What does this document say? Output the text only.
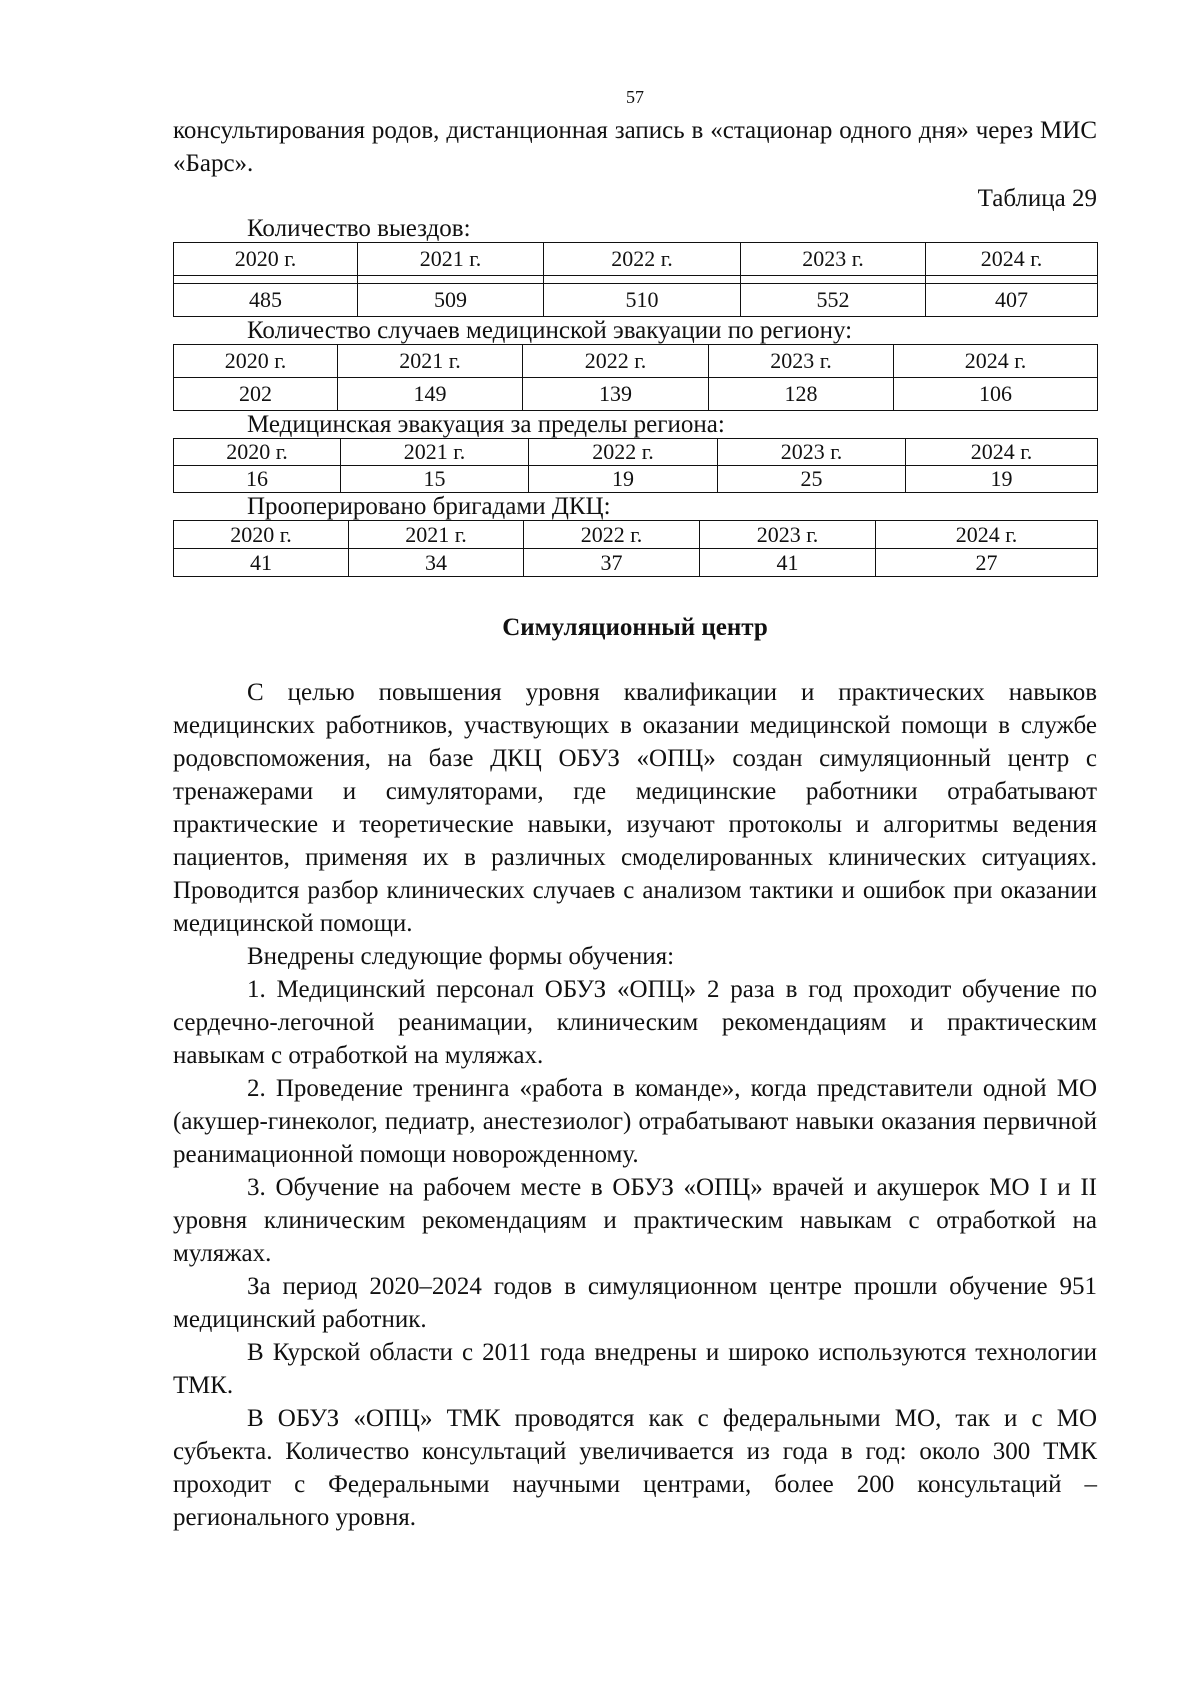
57

консультирования родов, дистанционная запись в «стационар одного дня» через МИС «Барс».

Таблица 29

Количество выездов:

2020 г.	2021 г.	2022 г.	2023 г.	2024 г.

485	509	510	552	407

Количество случаев медицинской эвакуации по региону:

2020 г.	2021 г.	2022 г.	2023 г.	2024 г.
202	149	139	128	106

Медицинская эвакуация за пределы региона:

2020 г.	2021 г.	2022 г.	2023 г.	2024 г.
16	15	19	25	19

Прооперировано бригадами ДКЦ:

2020 г.	2021 г.	2022 г.	2023 г.	2024 г.
41	34	37	41	27

Симуляционный центр

С целью повышения уровня квалификации и практических навыков медицинских работников, участвующих в оказании медицинской помощи в службе родовспоможения, на базе ДКЦ ОБУЗ «ОПЦ» создан симуляционный центр с тренажерами и симуляторами, где медицинские работники отрабатывают практические и теоретические навыки, изучают протоколы и алгоритмы ведения пациентов, применяя их в различных смоделированных клинических ситуациях. Проводится разбор клинических случаев с анализом тактики и ошибок при оказании медицинской помощи.

Внедрены следующие формы обучения:

1. Медицинский персонал ОБУЗ «ОПЦ» 2 раза в год проходит обучение по сердечно-легочной реанимации, клиническим рекомендациям и практическим навыкам с отработкой на муляжах.

2. Проведение тренинга «работа в команде», когда представители одной МО (акушер-гинеколог, педиатр, анестезиолог) отрабатывают навыки оказания первичной реанимационной помощи новорожденному.

3. Обучение на рабочем месте в ОБУЗ «ОПЦ» врачей и акушерок МО I и II уровня клиническим рекомендациям и практическим навыкам с отработкой на муляжах.

За период 2020–2024 годов в симуляционном центре прошли обучение 951 медицинский работник.

В Курской области с 2011 года внедрены и широко используются технологии ТМК.

В ОБУЗ «ОПЦ» ТМК проводятся как с федеральными МО, так и с МО субъекта. Количество консультаций увеличивается из года в год: около 300 ТМК проходит с Федеральными научными центрами, более 200 консультаций – регионального уровня.
